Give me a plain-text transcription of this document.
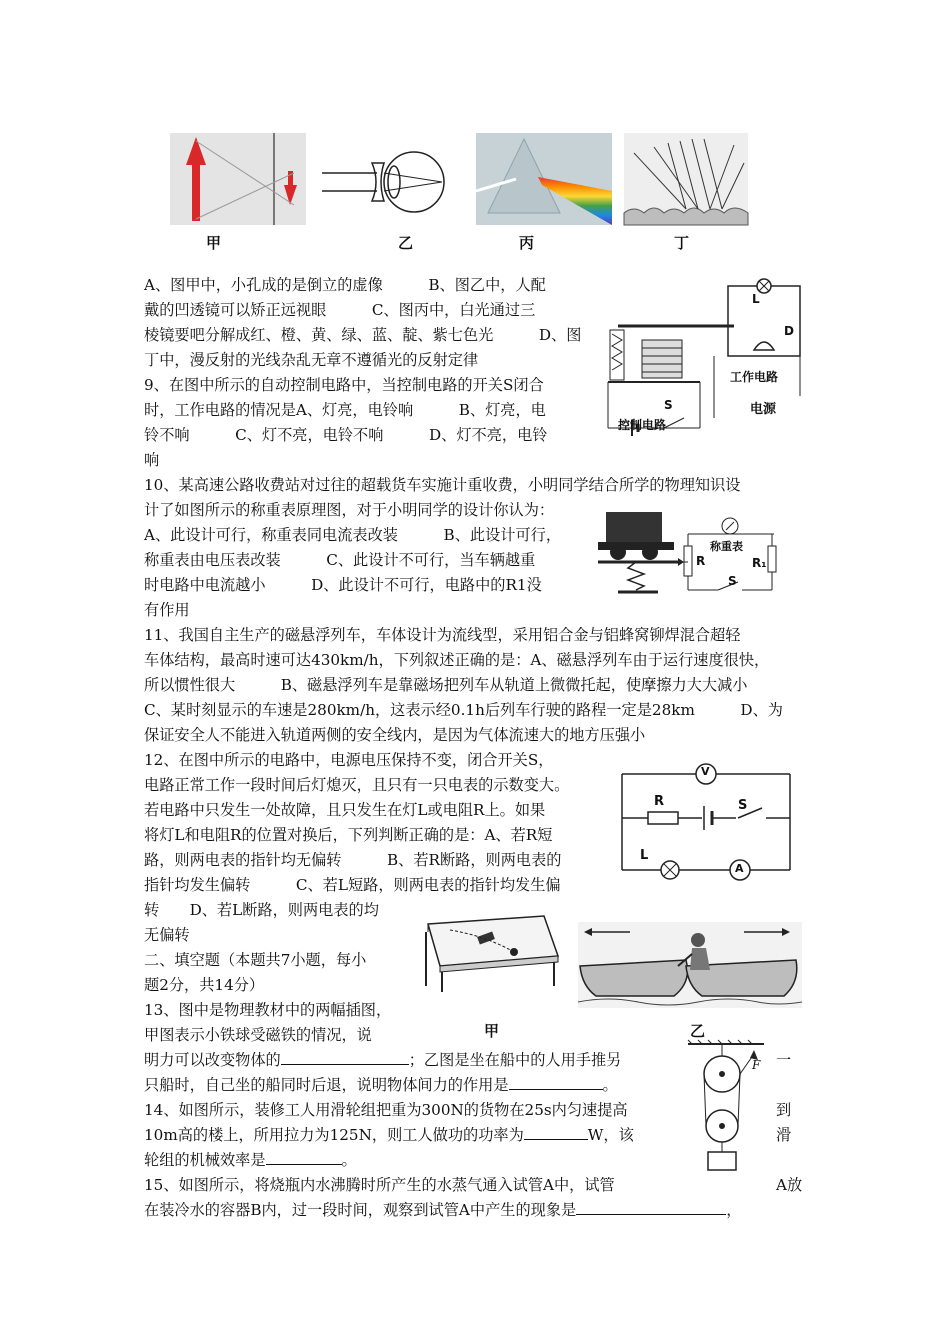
甲	乙	丙	丁
L
D
工作电路
电源
S
控制电路
称重表
R	R₁
S
V
R	S
L
A
甲	乙
F
A、图甲中，小孔成的是倒立的虚像　　　B、图乙中，人配
戴的凹透镜可以矫正远视眼　　　C、图丙中，白光通过三
棱镜要吧分解成红、橙、黄、绿、蓝、靛、紫七色光　　　D、图
丁中，漫反射的光线杂乱无章不遵循光的反射定律
9、在图中所示的自动控制电路中，当控制电路的开关S闭合
时，工作电路的情况是A、灯亮，电铃响　　　B、灯亮，电
铃不响　　　C、灯不亮，电铃不响　　　D、灯不亮，电铃
响
10、某高速公路收费站对过往的超载货车实施计重收费，小明同学结合所学的物理知识设
计了如图所示的称重表原理图，对于小明同学的设计你认为：
A、此设计可行，称重表同电流表改装　　　B、此设计可行，
称重表由电压表改装　　　C、此设计不可行，当车辆越重
时电路中电流越小　　　D、此设计不可行，电路中的R1没
有作用
11、我国自主生产的磁悬浮列车，车体设计为流线型，采用铝合金与铝蜂窝铆焊混合超轻
车体结构，最高时速可达430km/h，下列叙述正确的是：A、磁悬浮列车由于运行速度很快，
所以惯性很大　　　B、磁悬浮列车是靠磁场把列车从轨道上微微托起，使摩擦力大大减小
C、某时刻显示的车速是280km/h，这表示经0.1h后列车行驶的路程一定是28km　　　D、为
保证安全人不能进入轨道两侧的安全线内，是因为气体流速大的地方压强小
12、在图中所示的电路中，电源电压保持不变，闭合开关S，
电路正常工作一段时间后灯熄灭，且只有一只电表的示数变大。
若电路中只发生一处故障，且只发生在灯L或电阻R上。如果
将灯L和电阻R的位置对换后，下列判断正确的是：A、若R短
路，则两电表的指针均无偏转　　　B、若R断路，则两电表的
指针均发生偏转　　　C、若L短路，则两电表的指针均发生偏
转　　D、若L断路，则两电表的均
无偏转
二、填空题（本题共7小题，每小
题2分，共14分）
13、图中是物理教材中的两幅插图，
甲图表示小铁球受磁铁的情况，说
明力可以改变物体的	；乙图是坐在船中的人用手推另	一
只船时，自己坐的船同时后退，说明物体间力的作用是	。
14、如图所示，装修工人用滑轮组把重为300N的货物在25s内匀速提高	到
10m高的楼上，所用拉力为125N，则工人做功的功率为	W，该	滑
轮组的机械效率是	。
15、如图所示，将烧瓶内水沸腾时所产生的水蒸气通入试管A中，试管	A放
在装冷水的容器B内，过一段时间，观察到试管A中产生的现象是	，
